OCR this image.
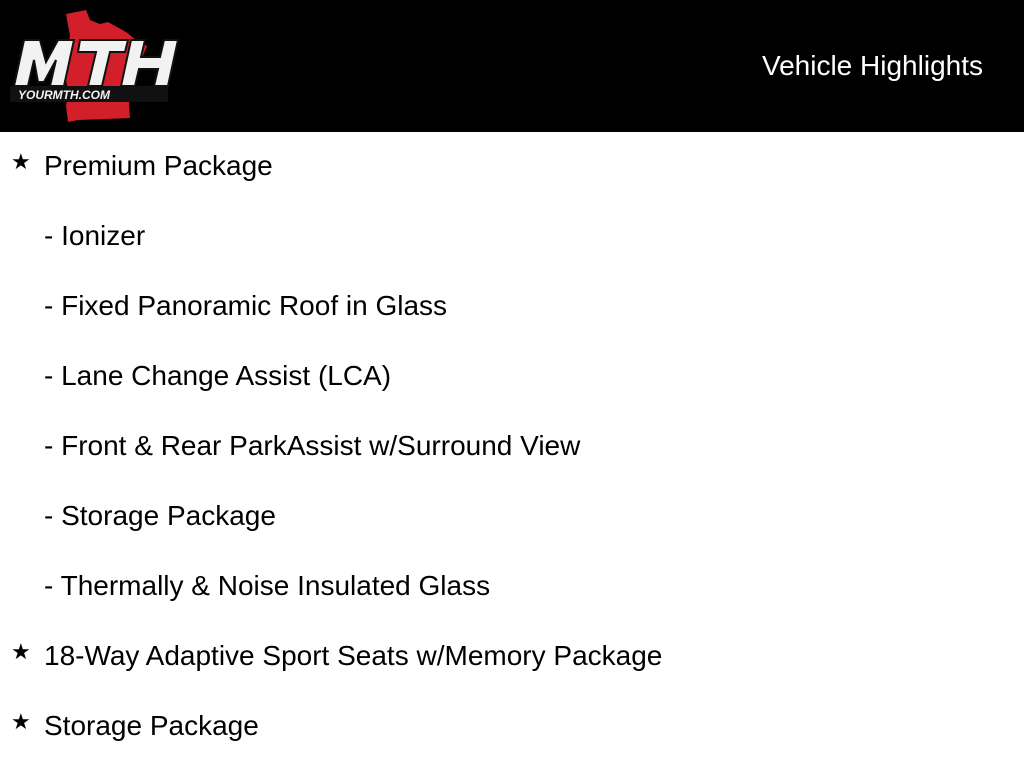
YOURMTH.COM
Vehicle Highlights
★ Premium Package
- Ionizer
- Fixed Panoramic Roof in Glass
- Lane Change Assist (LCA)
- Front & Rear ParkAssist w/Surround View
- Storage Package
- Thermally & Noise Insulated Glass
★ 18-Way Adaptive Sport Seats w/Memory Package
★ Storage Package
